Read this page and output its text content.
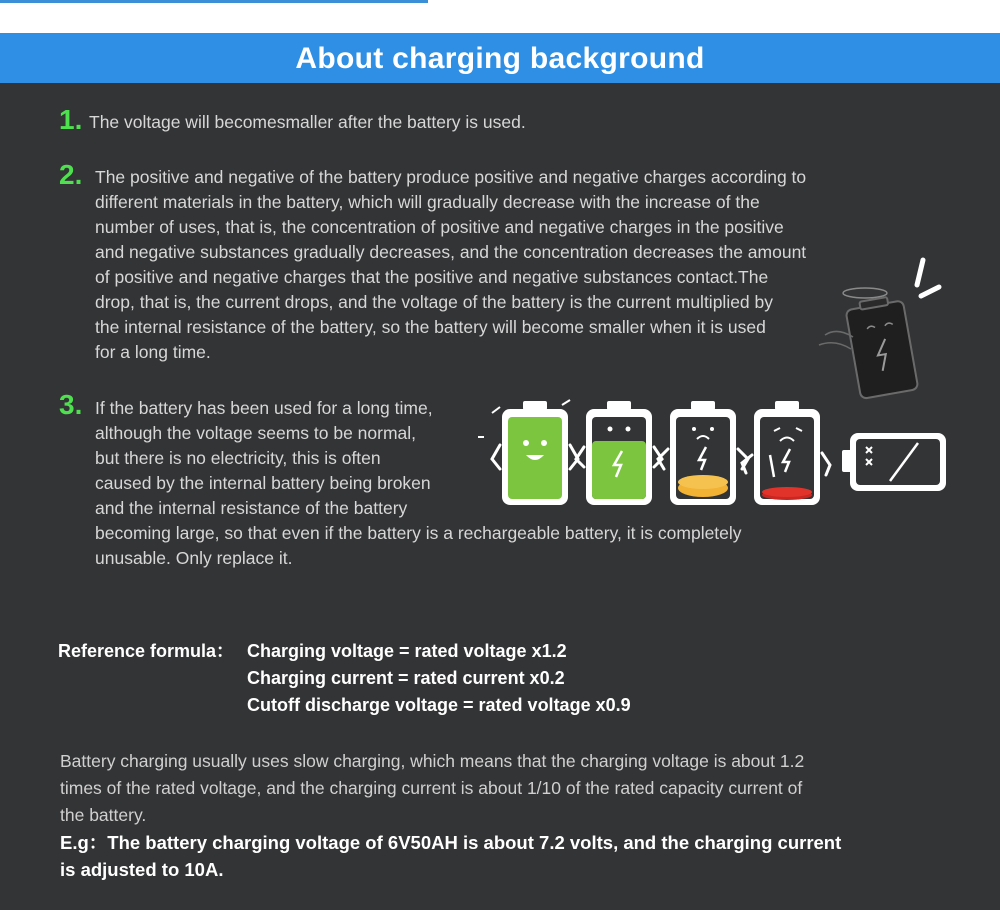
About charging background
1. The voltage will becomesmaller after the battery is used.
2. The positive and negative of the battery produce positive and negative charges according to
different materials in the battery, which will gradually decrease with the increase of the
number of uses, that is, the concentration of positive and negative charges in the positive
and negative substances gradually decreases, and the concentration decreases the amount
of positive and negative charges that the positive and negative substances contact.The
drop, that is, the current drops, and the voltage of the battery is the current multiplied by
the internal resistance of the battery, so the battery will become smaller when it is used
for a long time.
3. If the battery has been used for a long time,
although the voltage seems to be normal,
but there is no electricity, this is often
caused by the internal battery being broken
and the internal resistance of the battery
becoming large, so that even if the battery is a rechargeable battery, it is completely
unusable. Only replace it.
Reference formula： Charging voltage = rated voltage x1.2
Charging current = rated current x0.2
Cutoff discharge voltage = rated voltage x0.9
Battery charging usually uses slow charging, which means that the charging voltage is about 1.2
times of the rated voltage, and the charging current is about 1/10 of the rated capacity current of
the battery.
E.g：The battery charging voltage of 6V50AH is about 7.2 volts, and the charging current
is adjusted to 10A.
